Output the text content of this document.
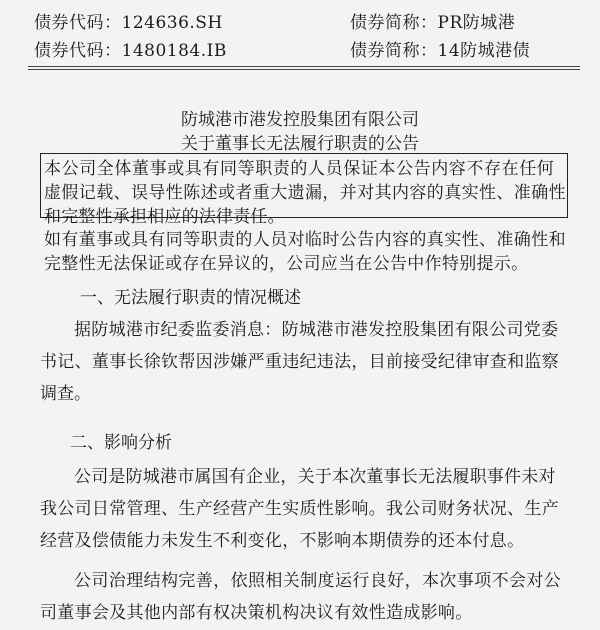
债券代码：124636.SH	债券简称：PR防城港
债券代码：1480184.IB	债券简称：14防城港债
防城港市港发控股集团有限公司
关于董事长无法履行职责的公告
本公司全体董事或具有同等职责的人员保证本公告内容不存在任何
虚假记载、误导性陈述或者重大遗漏，并对其内容的真实性、准确性
和完整性承担相应的法律责任。
如有董事或具有同等职责的人员对临时公告内容的真实性、准确性和
完整性无法保证或存在异议的，公司应当在公告中作特别提示。
一、无法履行职责的情况概述
据防城港市纪委监委消息：防城港市港发控股集团有限公司党委
书记、董事长徐钦帮因涉嫌严重违纪违法，目前接受纪律审查和监察
调查。
二、影响分析
公司是防城港市属国有企业，关于本次董事长无法履职事件未对
我公司日常管理、生产经营产生实质性影响。我公司财务状况、生产
经营及偿债能力未发生不利变化，不影响本期债券的还本付息。
公司治理结构完善，依照相关制度运行良好，本次事项不会对公
司董事会及其他内部有权决策机构决议有效性造成影响。
